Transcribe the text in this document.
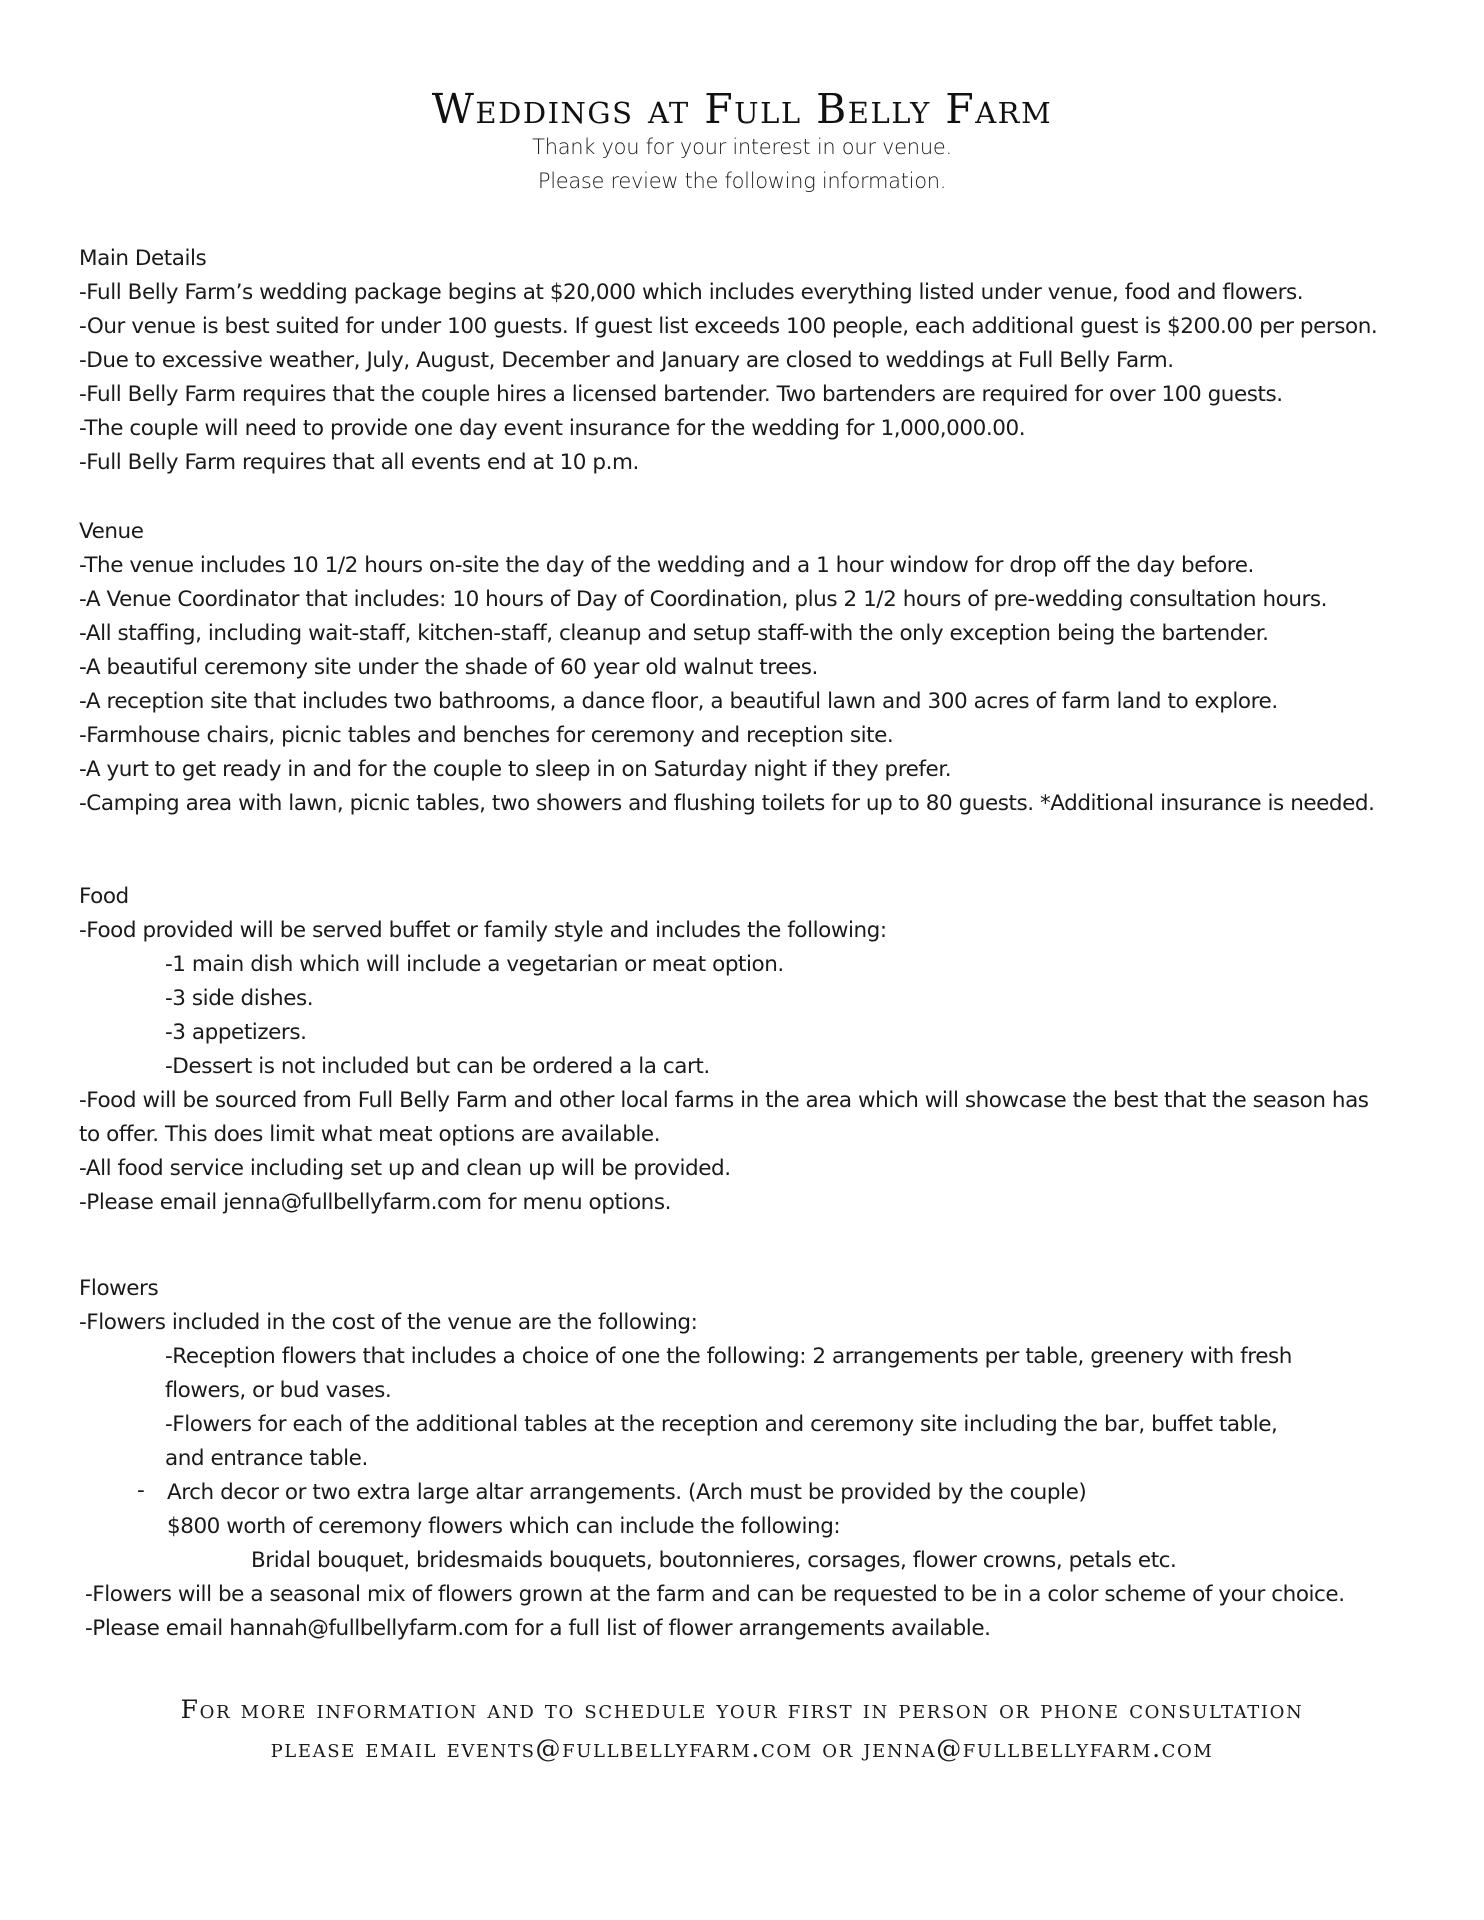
Weddings at Full Belly Farm
Thank you for your interest in our venue.
Please review the following information.
Main Details
-Full Belly Farm’s wedding package begins at $20,000 which includes everything listed under venue, food and flowers.
-Our venue is best suited for under 100 guests. If guest list exceeds 100 people, each additional guest is $200.00 per person.
-Due to excessive weather, July, August, December and January are closed to weddings at Full Belly Farm.
-Full Belly Farm requires that the couple hires a licensed bartender. Two bartenders are required for over 100 guests.
-The couple will need to provide one day event insurance for the wedding for 1,000,000.00.
-Full Belly Farm requires that all events end at 10 p.m.
Venue
-The venue includes 10 1/2 hours on-site the day of the wedding and a 1 hour window for drop off the day before.
-A Venue Coordinator that includes: 10 hours of Day of Coordination, plus 2 1/2 hours of pre-wedding consultation hours.
-All staffing, including wait-staff, kitchen-staff, cleanup and setup staff-with the only exception being the bartender.
-A beautiful ceremony site under the shade of 60 year old walnut trees.
-A reception site that includes two bathrooms, a dance floor, a beautiful lawn and 300 acres of farm land to explore.
-Farmhouse chairs, picnic tables and benches for ceremony and reception site.
-A yurt to get ready in and for the couple to sleep in on Saturday night if they prefer.
-Camping area with lawn, picnic tables, two showers and flushing toilets for up to 80 guests. *Additional insurance is needed.
Food
-Food provided will be served buffet or family style and includes the following:
-1 main dish which will include a vegetarian or meat option.
-3 side dishes.
-3 appetizers.
-Dessert is not included but can be ordered a la cart.
-Food will be sourced from Full Belly Farm and other local farms in the area which will showcase the best that the season has
to offer. This does limit what meat options are available.
-All food service including set up and clean up will be provided.
-Please email jenna@fullbellyfarm.com for menu options.
Flowers
-Flowers included in the cost of the venue are the following:
-Reception flowers that includes a choice of one the following: 2 arrangements per table, greenery with fresh
flowers, or bud vases.
-Flowers for each of the additional tables at the reception and ceremony site including the bar, buffet table,
and entrance table.
- Arch decor or two extra large altar arrangements. (Arch must be provided by the couple)
$800 worth of ceremony flowers which can include the following:
Bridal bouquet, bridesmaids bouquets, boutonnieres, corsages, flower crowns, petals etc.
-Flowers will be a seasonal mix of flowers grown at the farm and can be requested to be in a color scheme of your choice.
-Please email hannah@fullbellyfarm.com for a full list of flower arrangements available.
For more information and to schedule your first in person or phone consultation
please email events@fullbellyfarm.com or jenna@fullbellyfarm.com
